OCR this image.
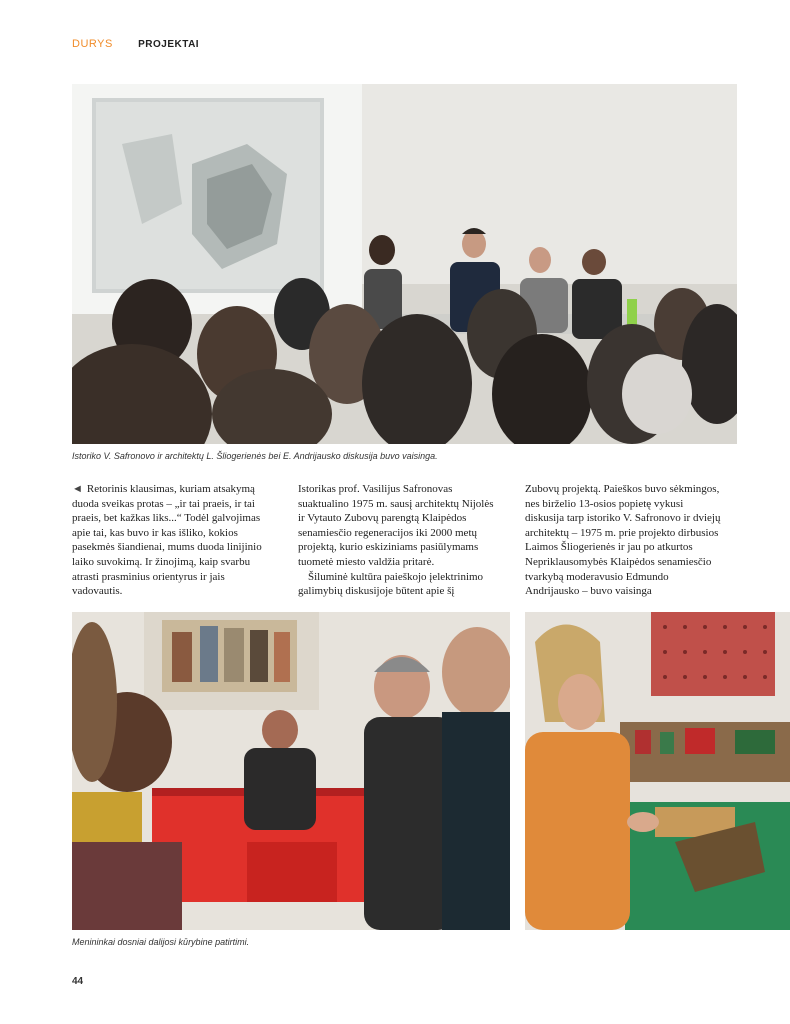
DURYS	PROJEKTAI
Istoriko V. Safronovo ir architektų L. Šliogerienės bei E. Andrijausko diskusija buvo vaisinga.

◄ Retorinis klausimas, kuriam atsakymą duoda sveikas protas – „ir tai praeis, ir tai praeis, bet kažkas liks...“ Todėl galvojimas apie tai, kas buvo ir kas išliko, kokios pasekmės šiandienai, mums duoda linijinio laiko suvokimą. Ir žinojimą, kaip svarbu atrasti prasminius orientyrus ir jais vadovautis.

Istorikas prof. Vasilijus Safronovas suaktualino 1975 m. sausį architektų Nijolės ir Vytauto Zubovų parengtą Klaipėdos senamiesčio regeneracijos iki 2000 metų projektą, kurio eskiziniams pasiūlymams tuometė miesto valdžia pritarė.

Šiluminė kultūra paieškojo įelektrinimo galimybių diskusijoje būtent apie šį

Zubovų projektą. Paieškos buvo sėkmingos, nes birželio 13-osios popietę vykusi diskusija tarp istoriko V. Safronovo ir dviejų architektų – 1975 m. prie projekto dirbusios Laimos Šliogerienės ir jau po atkurtos Nepriklausomybės Klaipėdos senamiesčio tvarkybą moderavusio Edmundo Andrijausko – buvo vaisinga

Menininkai dosniai dalijosi kūrybine patirtimi.
44
